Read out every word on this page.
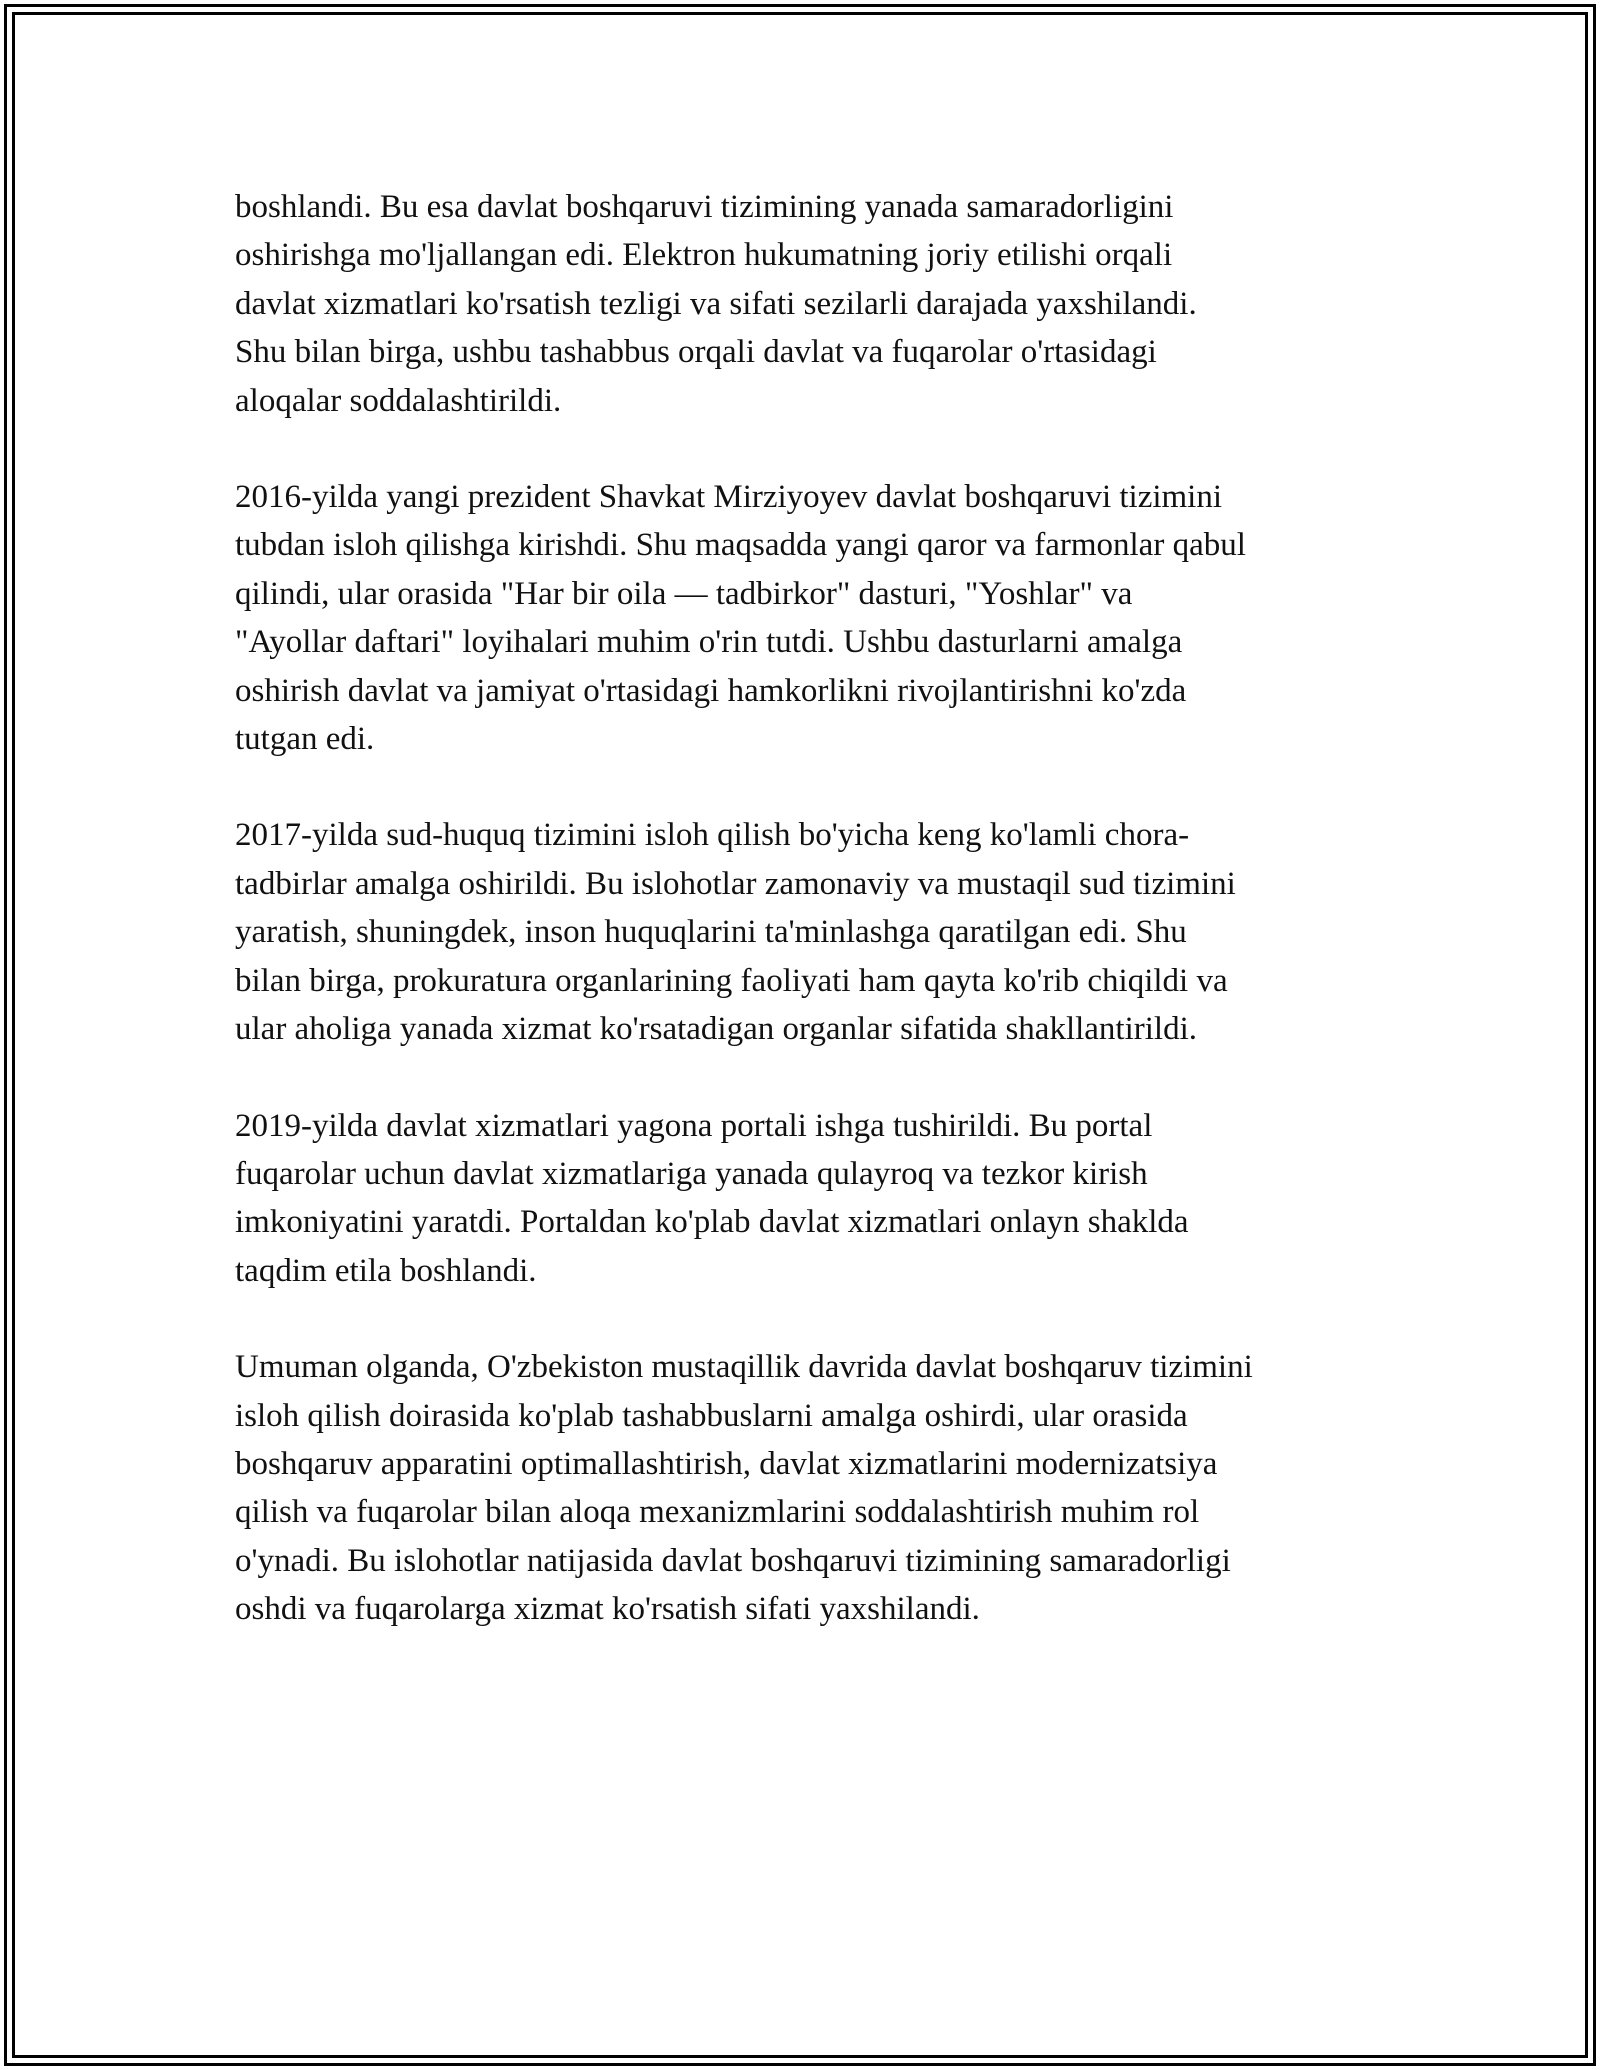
boshlandi. Bu esa davlat boshqaruvi tizimining yanada samaradorligini
oshirishga mo'ljallangan edi. Elektron hukumatning joriy etilishi orqali
davlat xizmatlari ko'rsatish tezligi va sifati sezilarli darajada yaxshilandi.
Shu bilan birga, ushbu tashabbus orqali davlat va fuqarolar o'rtasidagi
aloqalar soddalashtirildi.

2016-yilda yangi prezident Shavkat Mirziyoyev davlat boshqaruvi tizimini
tubdan isloh qilishga kirishdi. Shu maqsadda yangi qaror va farmonlar qabul
qilindi, ular orasida "Har bir oila — tadbirkor" dasturi, "Yoshlar" va
"Ayollar daftari" loyihalari muhim o'rin tutdi. Ushbu dasturlarni amalga
oshirish davlat va jamiyat o'rtasidagi hamkorlikni rivojlantirishni ko'zda
tutgan edi.

2017-yilda sud-huquq tizimini isloh qilish bo'yicha keng ko'lamli chora-
tadbirlar amalga oshirildi. Bu islohotlar zamonaviy va mustaqil sud tizimini
yaratish, shuningdek, inson huquqlarini ta'minlashga qaratilgan edi. Shu
bilan birga, prokuratura organlarining faoliyati ham qayta ko'rib chiqildi va
ular aholiga yanada xizmat ko'rsatadigan organlar sifatida shakllantirildi.

2019-yilda davlat xizmatlari yagona portali ishga tushirildi. Bu portal
fuqarolar uchun davlat xizmatlariga yanada qulayroq va tezkor kirish
imkoniyatini yaratdi. Portaldan ko'plab davlat xizmatlari onlayn shaklda
taqdim etila boshlandi.

Umuman olganda, O'zbekiston mustaqillik davrida davlat boshqaruv tizimini
isloh qilish doirasida ko'plab tashabbuslarni amalga oshirdi, ular orasida
boshqaruv apparatini optimallashtirish, davlat xizmatlarini modernizatsiya
qilish va fuqarolar bilan aloqa mexanizmlarini soddalashtirish muhim rol
o'ynadi. Bu islohotlar natijasida davlat boshqaruvi tizimining samaradorligi
oshdi va fuqarolarga xizmat ko'rsatish sifati yaxshilandi.
